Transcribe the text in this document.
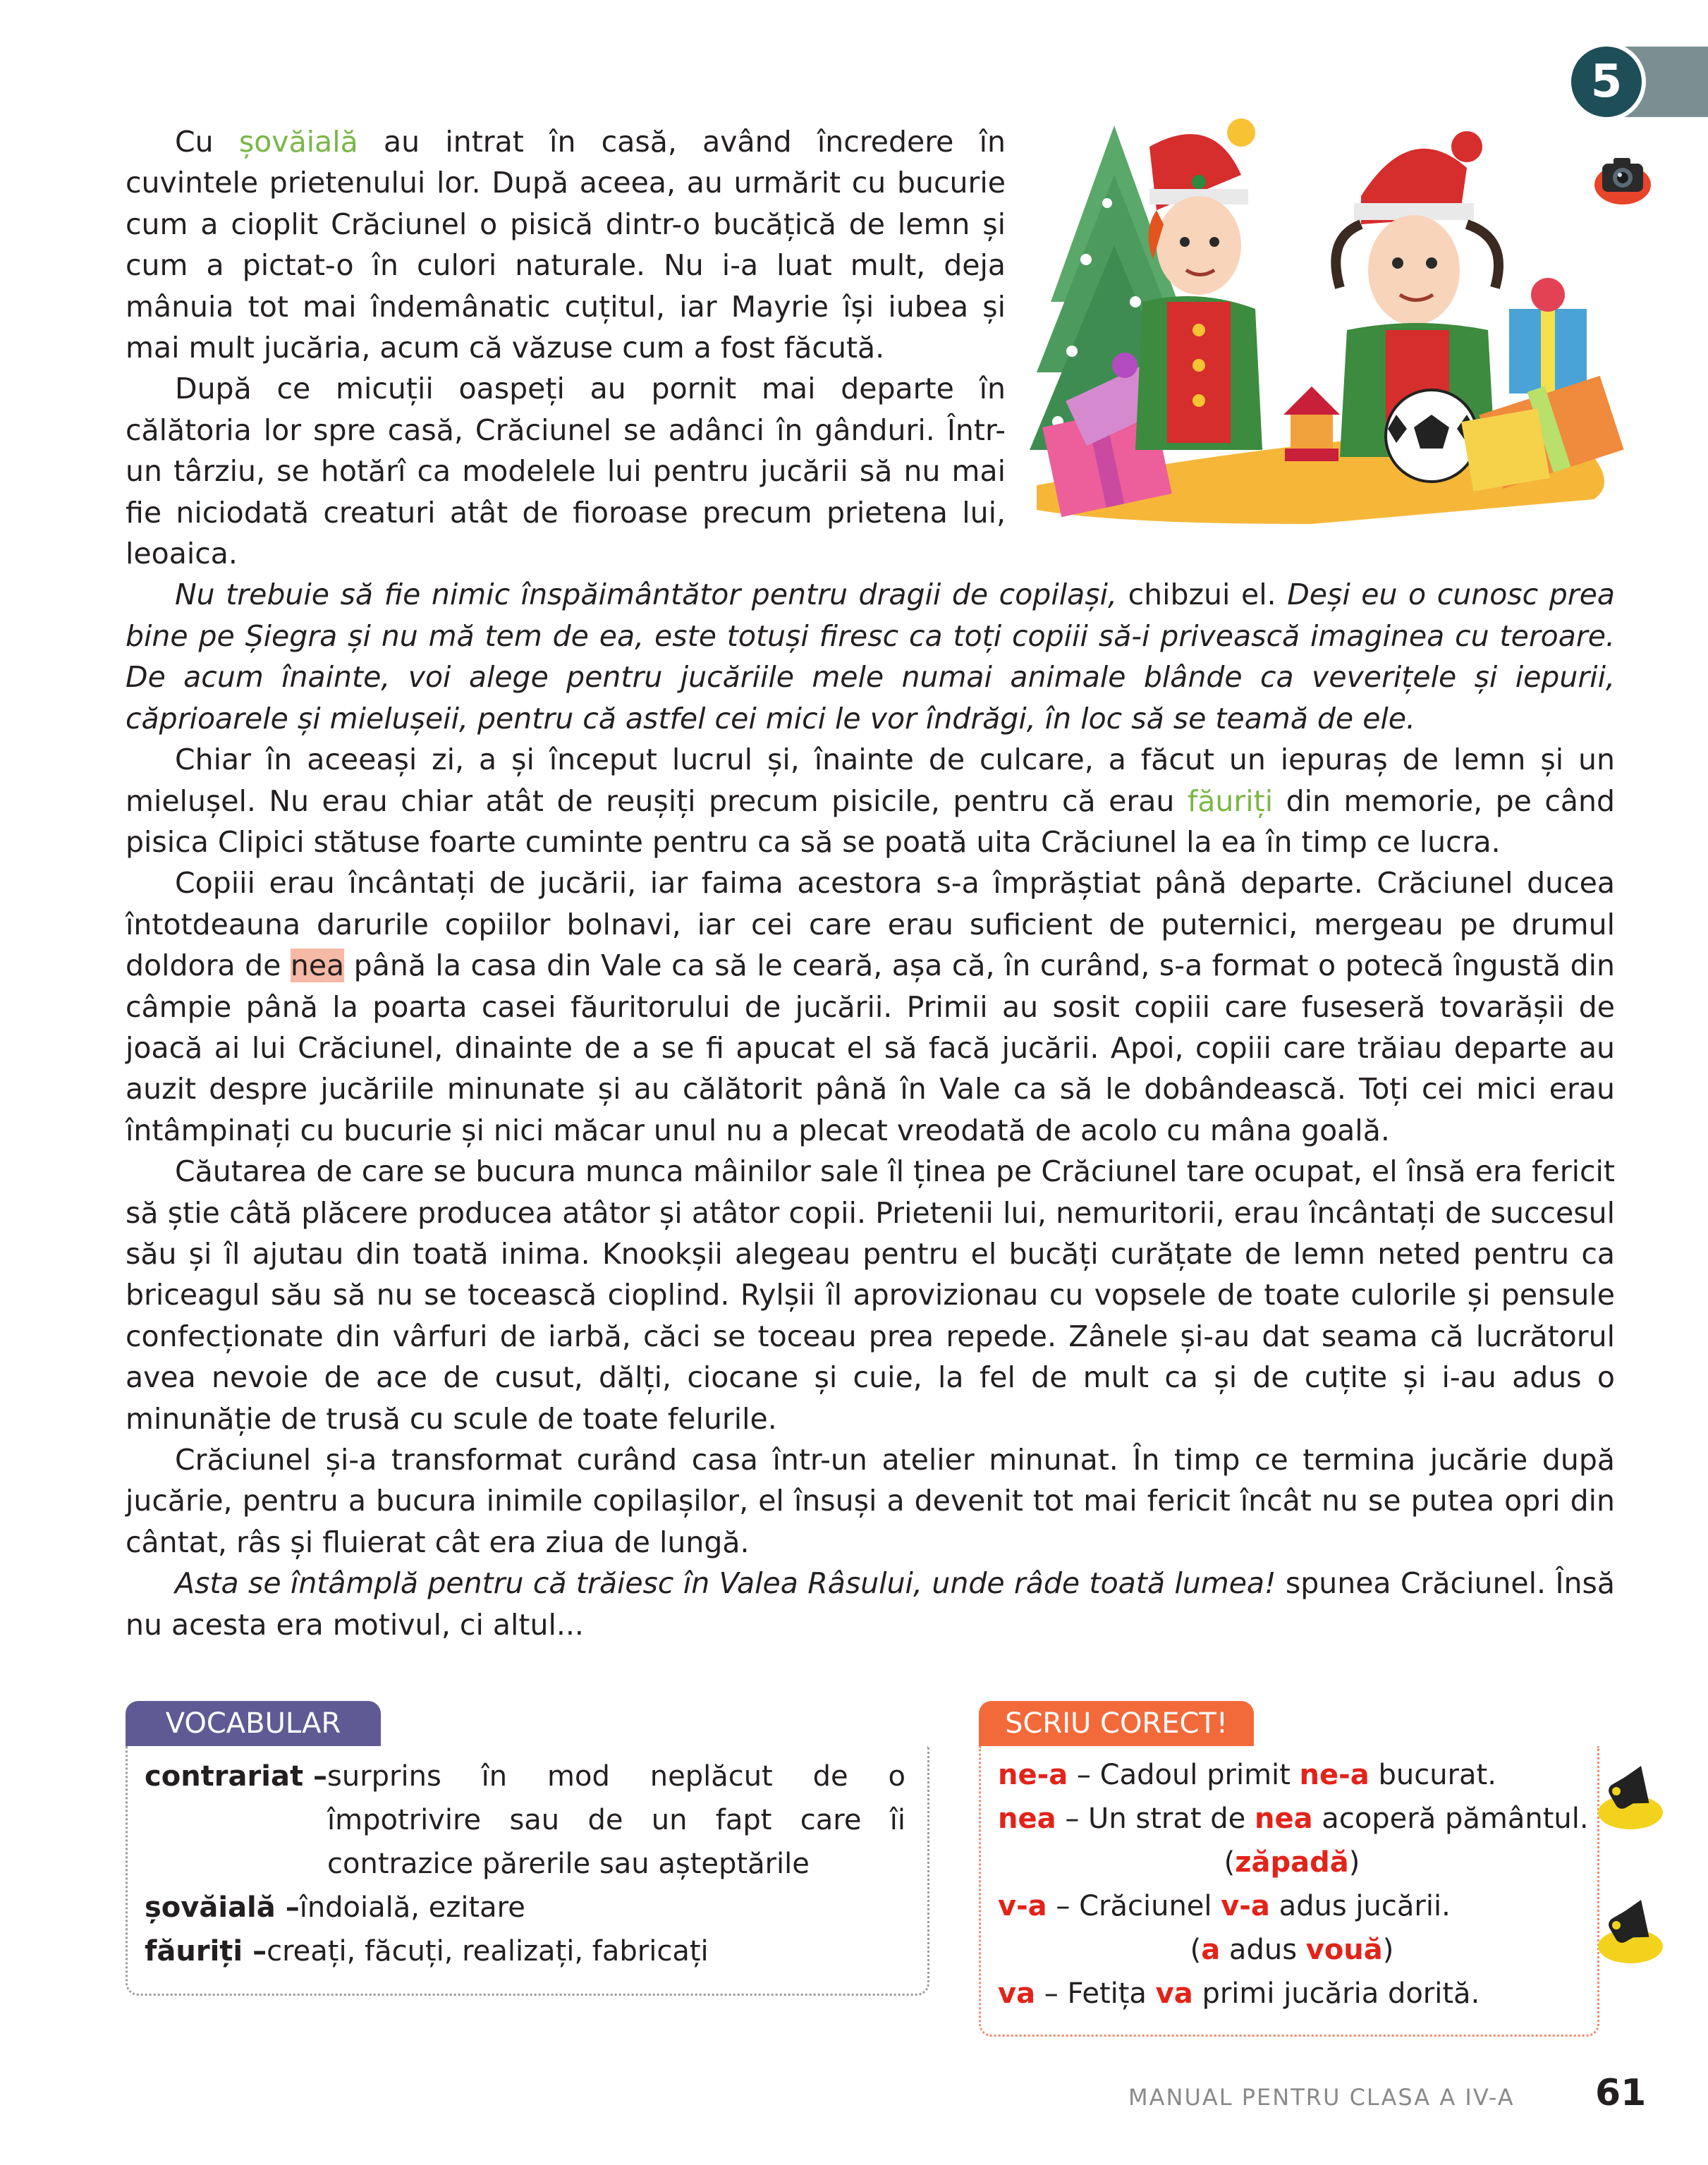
5

Cu șovăială au intrat în casă, având încredere în cuvintele prietenului lor. După aceea, au urmărit cu bucurie cum a cioplit Crăciunel o pisică dintr-o bucățică de lemn și cum a pictat-o în culori naturale. Nu i-a luat mult, deja mânuia tot mai îndemânatic cuțitul, iar Mayrie își iubea și mai mult jucăria, acum că văzuse cum a fost făcută.

După ce micuții oaspeți au pornit mai departe în călătoria lor spre casă, Crăciunel se adânci în gânduri. Într-un târziu, se hotărî ca modelele lui pentru jucării să nu mai fie niciodată creaturi atât de fioroase precum prietena lui, leoaica.

Nu trebuie să fie nimic înspăimântător pentru dragii de copilași, chibzui el. Deși eu o cunosc prea bine pe Șiegra și nu mă tem de ea, este totuși firesc ca toți copiii să-i privească imaginea cu teroare. De acum înainte, voi alege pentru jucăriile mele numai animale blânde ca veverițele și iepurii, căprioarele și mielușeii, pentru că astfel cei mici le vor îndrăgi, în loc să se teamă de ele.

Chiar în aceeași zi, a și început lucrul și, înainte de culcare, a făcut un iepuraș de lemn și un mielușel. Nu erau chiar atât de reușiți precum pisicile, pentru că erau făuriți din memorie, pe când pisica Clipici stătuse foarte cuminte pentru ca să se poată uita Crăciunel la ea în timp ce lucra.

Copiii erau încântați de jucării, iar faima acestora s-a împrăștiat până departe. Crăciunel ducea întotdeauna darurile copiilor bolnavi, iar cei care erau suficient de puternici, mergeau pe drumul doldora de nea până la casa din Vale ca să le ceară, așa că, în curând, s-a format o potecă îngustă din câmpie până la poarta casei făuritorului de jucării. Primii au sosit copiii care fuseseră tovarășii de joacă ai lui Crăciunel, dinainte de a se fi apucat el să facă jucării. Apoi, copiii care trăiau departe au auzit despre jucăriile minunate și au călătorit până în Vale ca să le dobândească. Toți cei mici erau întâmpinați cu bucurie și nici măcar unul nu a plecat vreodată de acolo cu mâna goală.

Căutarea de care se bucura munca mâinilor sale îl ținea pe Crăciunel tare ocupat, el însă era fericit să știe câtă plăcere producea atâtor și atâtor copii. Prietenii lui, nemuritorii, erau încântați de succesul său și îl ajutau din toată inima. Knookșii alegeau pentru el bucăți curățate de lemn neted pentru ca briceagul său să nu se tocească cioplind. Rylșii îl aprovizionau cu vopsele de toate culorile și pensule confecționate din vârfuri de iarbă, căci se toceau prea repede. Zânele și-au dat seama că lucrătorul avea nevoie de ace de cusut, dălți, ciocane și cuie, la fel de mult ca și de cuțite și i-au adus o minunăție de trusă cu scule de toate felurile.

Crăciunel și-a transformat curând casa într-un atelier minunat. În timp ce termina jucărie după jucărie, pentru a bucura inimile copilașilor, el însuși a devenit tot mai fericit încât nu se putea opri din cântat, râs și fluierat cât era ziua de lungă.

Asta se întâmplă pentru că trăiesc în Valea Râsului, unde râde toată lumea! spunea Crăciunel. Însă nu acesta era motivul, ci altul...

VOCABULAR
contrariat – surprins în mod neplăcut de o împotrivire sau de un fapt care îi contrazice părerile sau așteptările
șovăială – îndoială, ezitare
făuriți – creați, făcuți, realizați, fabricați
SCRIU CORECT!
ne-a – Cadoul primit ne-a bucurat.
nea – Un strat de nea acoperă pământul.
(zăpadă)
v-a – Crăciunel v-a adus jucării.
(a adus vouă)
va – Fetița va primi jucăria dorită.
MANUAL PENTRU CLASA A IV-A 61
